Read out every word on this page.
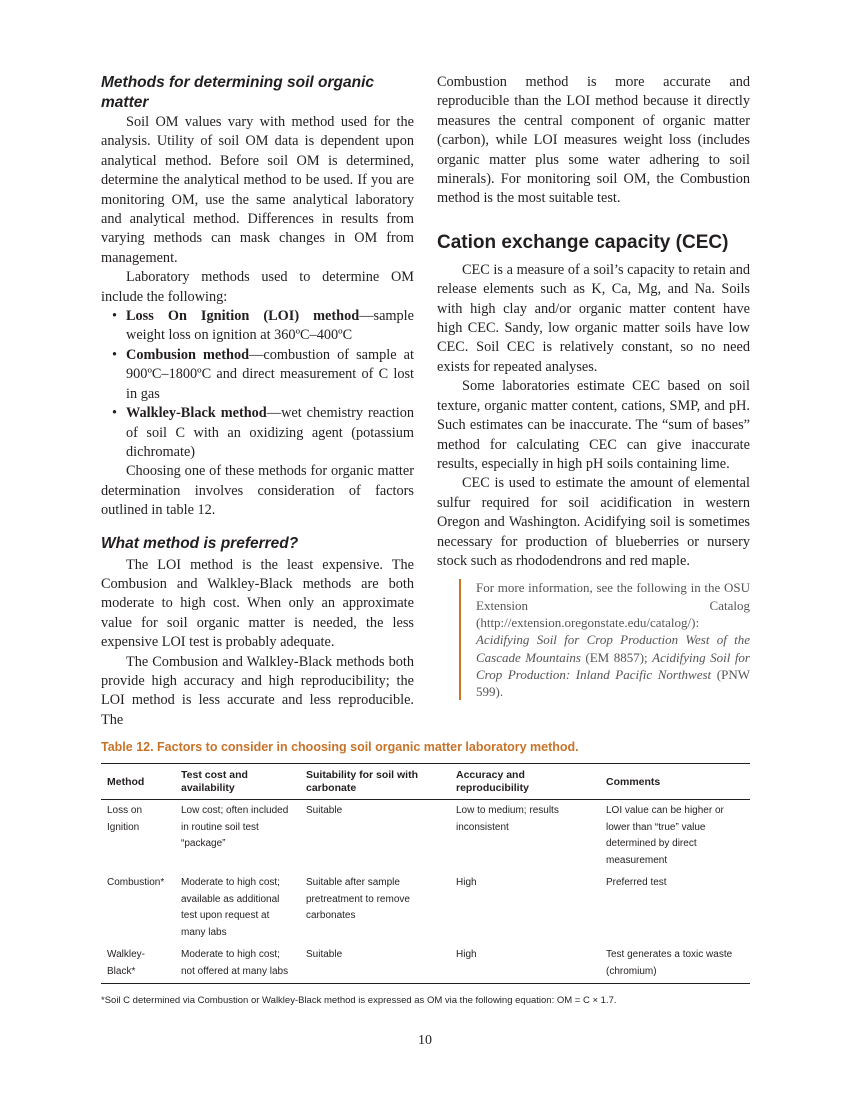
Methods for determining soil organic matter

Soil OM values vary with method used for the analysis. Utility of soil OM data is dependent upon analytical method. Before soil OM is determined, determine the analytical method to be used. If you are monitoring OM, use the same analytical laboratory and analytical method. Differences in results from varying methods can mask changes in OM from management.

Laboratory methods used to determine OM include the following:

• Loss On Ignition (LOI) method—sample weight loss on ignition at 360ºC–400ºC
• Combusion method—combustion of sample at 900ºC–1800ºC and direct measurement of C lost in gas
• Walkley-Black method—wet chemistry reaction of soil C with an oxidizing agent (potassium dichromate)

Choosing one of these methods for organic matter determination involves consideration of factors outlined in table 12.

What method is preferred?

The LOI method is the least expensive. The Combusion and Walkley-Black methods are both moderate to high cost. When only an approximate value for soil organic matter is needed, the less expensive LOI test is probably adequate.

The Combusion and Walkley-Black methods both provide high accuracy and high reproducibility; the LOI method is less accurate and less reproducible. The

Combustion method is more accurate and reproducible than the LOI method because it directly measures the central component of organic matter (carbon), while LOI measures weight loss (includes organic matter plus some water adhering to soil minerals). For monitoring soil OM, the Combustion method is the most suitable test.

Cation exchange capacity (CEC)

CEC is a measure of a soil’s capacity to retain and release elements such as K, Ca, Mg, and Na. Soils with high clay and/or organic matter content have high CEC. Sandy, low organic matter soils have low CEC. Soil CEC is relatively constant, so no need exists for repeated analyses.

Some laboratories estimate CEC based on soil texture, organic matter content, cations, SMP, and pH. Such estimates can be inaccurate. The “sum of bases” method for calculating CEC can give inaccurate results, especially in high pH soils containing lime.

CEC is used to estimate the amount of elemental sulfur required for soil acidification in western Oregon and Washington. Acidifying soil is sometimes necessary for production of blueberries or nursery stock such as rhododendrons and red maple.

For more information, see the following in the OSU Extension Catalog (http://extension.oregonstate.edu/catalog/): Acidifying Soil for Crop Production West of the Cascade Mountains (EM 8857); Acidifying Soil for Crop Production: Inland Pacific Northwest (PNW 599).
Table 12. Factors to consider in choosing soil organic matter laboratory method.
Method	Test cost and availability	Suitability for soil with carbonate	Accuracy and reproducibility	Comments
Loss on Ignition	Low cost; often included in routine soil test “package”	Suitable	Low to medium; results inconsistent	LOI value can be higher or lower than “true” value determined by direct measurement
Combustion*	Moderate to high cost; available as additional test upon request at many labs	Suitable after sample pretreatment to remove carbonates	High	Preferred test
Walkley-Black*	Moderate to high cost; not offered at many labs	Suitable	High	Test generates a toxic waste (chromium)
*Soil C determined via Combustion or Walkley-Black method is expressed as OM via the following equation: OM = C × 1.7.
10
